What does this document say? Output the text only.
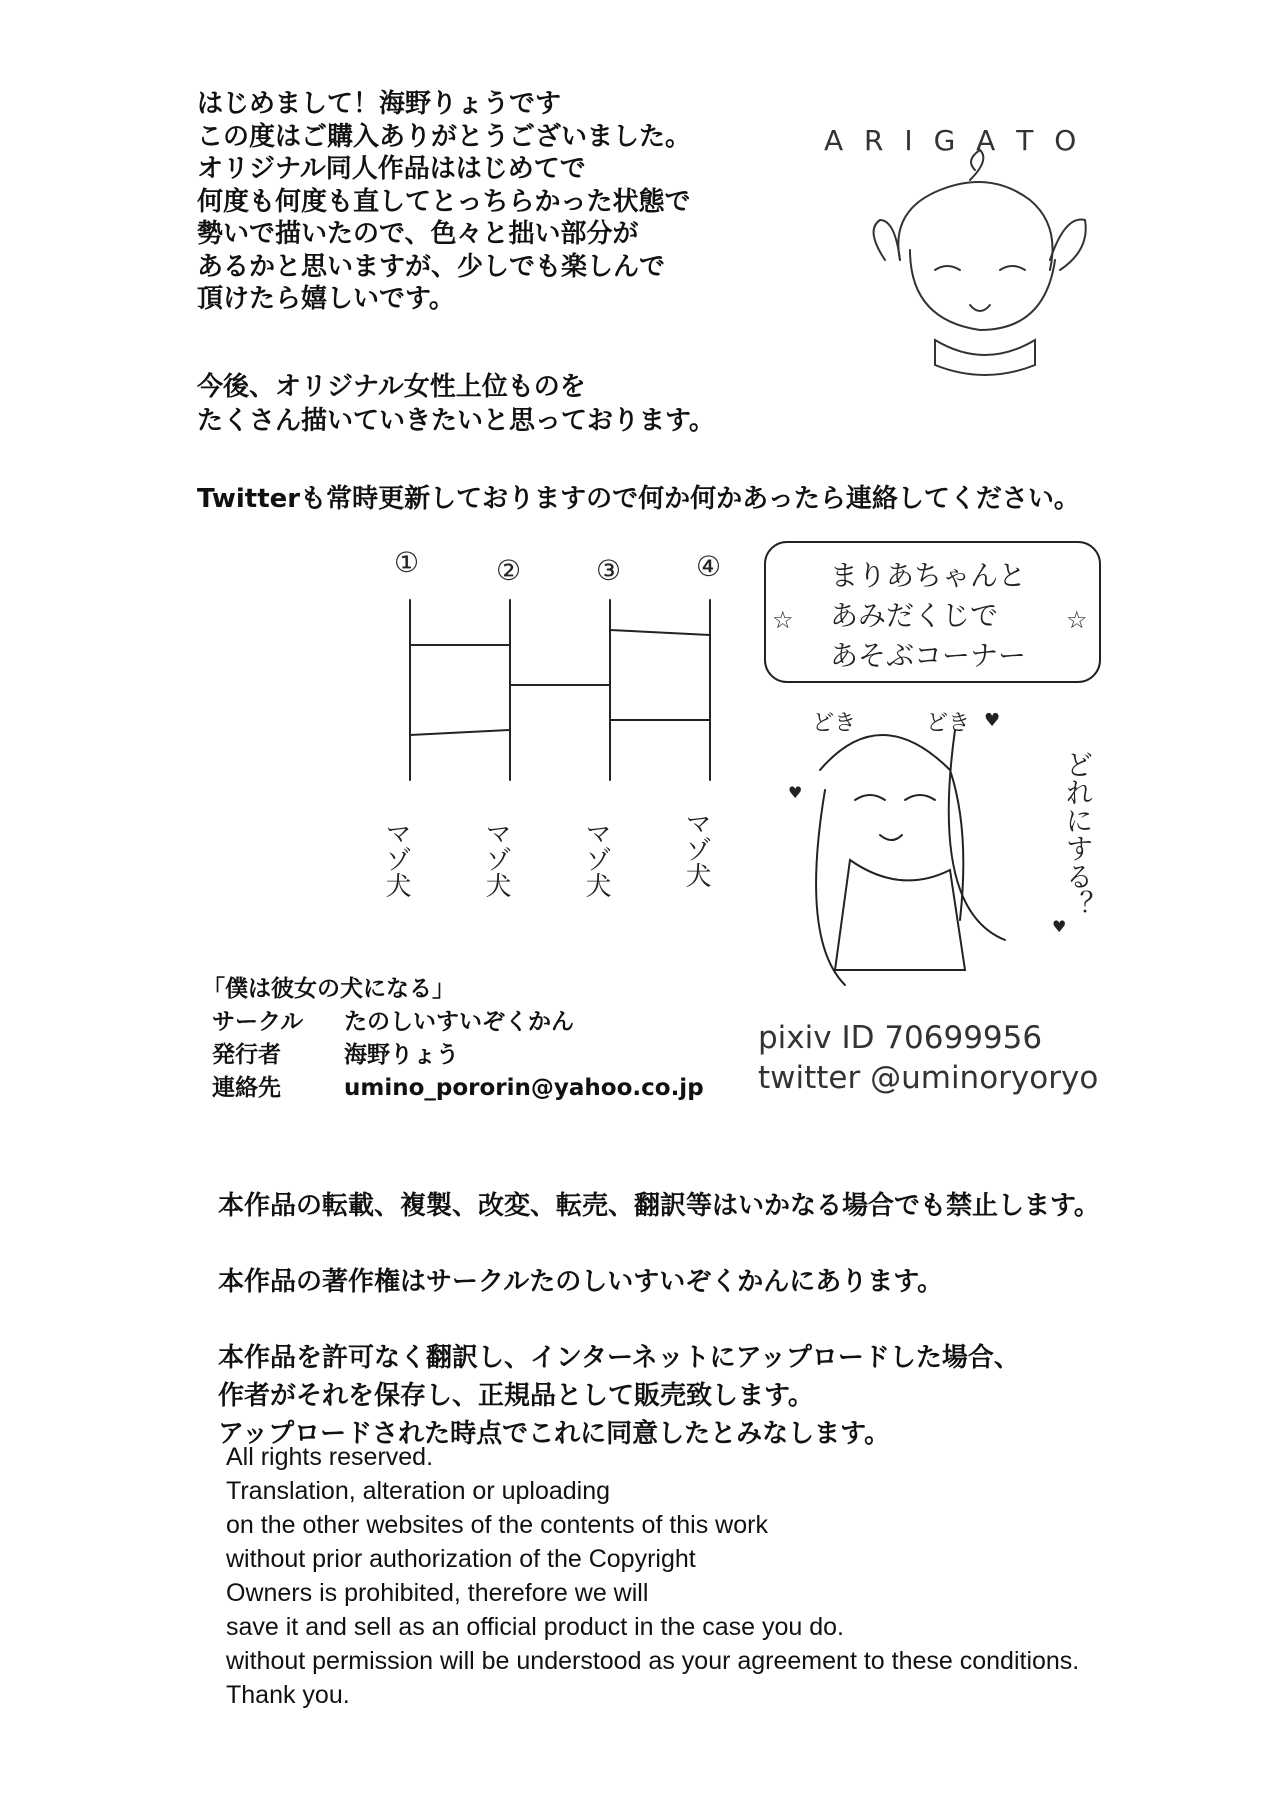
はじめまして！海野りょうです
この度はご購入ありがとうございました。
オリジナル同人作品ははじめてで
何度も何度も直してとっちらかった状態で
勢いで描いたので、色々と拙い部分が
あるかと思いますが、少しでも楽しんで
頂けたら嬉しいです。
今後、オリジナル女性上位ものを
たくさん描いていきたいと思っております。
Twitterも常時更新しておりますので何か何かあったら連絡してください。
A R I G A T O
①	②	③	④
マゾ犬	マゾ犬	マゾ犬	マゾ犬
まりあちゃんと
あみだくじで
あそぶコーナー
☆	☆
どき	どき ♥
♥
♥
どれにする？
「僕は彼女の犬になる」
サークル たのしいすいぞくかん
発行者	海野りょう
連絡先	umino_pororin@yahoo.co.jp
pixiv ID 70699956
twitter @uminoryoryo
本作品の転載、複製、改変、転売、翻訳等はいかなる場合でも禁止します。
本作品の著作権はサークルたのしいすいぞくかんにあります。
本作品を許可なく翻訳し、インターネットにアップロードした場合、
作者がそれを保存し、正規品として販売致します。
アップロードされた時点でこれに同意したとみなします。
All rights reserved.
Translation, alteration or uploading
on the other websites of the contents of this work
without prior authorization of the Copyright
Owners is prohibited, therefore we will
save it and sell as an official product in the case you do.
without permission will be understood as your agreement to these conditions.
Thank you.
